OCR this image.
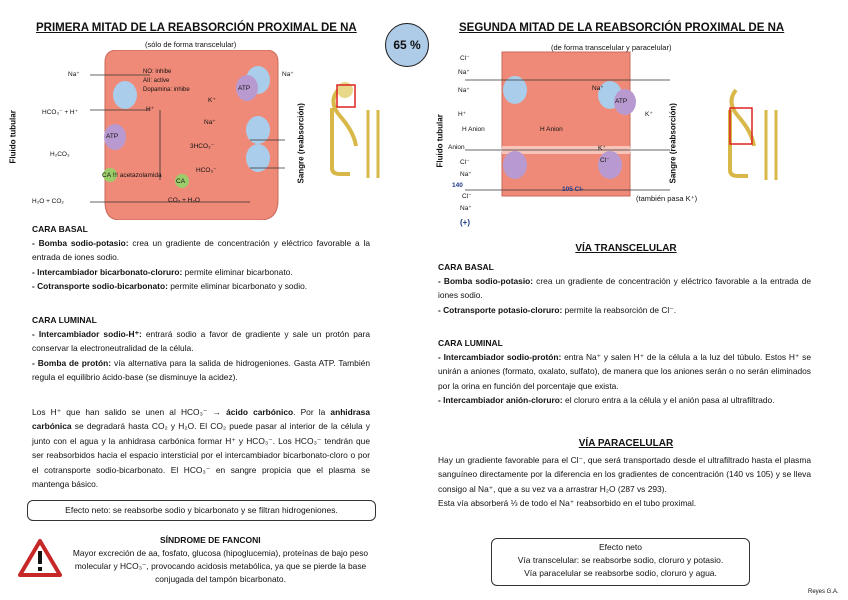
PRIMERA MITAD DE LA REABSORCIÓN PROXIMAL DE NA
(sólo de forma transcelular)	65 %
Na⁺
HCO₃⁻ + H⁺
ATP
H₂CO₃
H₂O + CO₂
CA !!! acetazolamida
CA
H⁺
NO: inhibe
AII: active
Dopamina: inhibe
Na⁺
ATP
K⁺
Na⁺
3HCO₃⁻
HCO₃⁻
CO₂ + H₂O
Fluido tubular	Sangre (reabsorción)
CARA BASAL
- Bomba sodio-potasio: crea un gradiente de concentración y eléctrico favorable a la entrada de iones sodio.
- Intercambiador bicarbonato-cloruro: permite eliminar bicarbonato.
- Cotransporte sodio-bicarbonato: permite eliminar bicarbonato y sodio.
CARA LUMINAL
- Intercambiador sodio-H⁺: entrará sodio a favor de gradiente y sale un protón para conservar la electroneutralidad de la célula.
- Bomba de protón: vía alternativa para la salida de hidrogeniones. Gasta ATP. También regula el equilibrio ácido-base (se disminuye la acidez).
Los H⁺ que han salido se unen al HCO₃⁻ → ácido carbónico. Por la anhidrasa carbónica se degradará hasta CO₂ y H₂O. El CO₂ puede pasar al interior de la célula y junto con el agua y la anhidrasa carbónica formar H⁺ y HCO₃⁻. Los HCO₃⁻ tendrán que ser reabsorbidos hacia el espacio intersticial por el intercambiador bicarbonato-cloro o por el cotransporte sodio-bicarbonato. El HCO₃⁻ en sangre propicia que el plasma se mantenga básico.
Efecto neto: se reabsorbe sodio y bicarbonato y se filtran hidrogeniones.
SÍNDROME DE FANCONI
Mayor excreción de aa, fosfato, glucosa (hipoglucemia), proteínas de bajo peso molecular y HCO₃⁻, provocando acidosis metabólica, ya que se pierde la base conjugada del tampón bicarbonato.
SEGUNDA MITAD DE LA REABSORCIÓN PROXIMAL DE NA
(de forma transcelular y paracelular)
Cl⁻
Na⁺
Na⁺
H⁺
H Anion
Anion
Cl⁻
Na⁺
140
Cl⁻
Na⁺
(+)
Na⁺
ATP
K⁺
H Anion
K⁺
Cl⁻
105 Cl-
(también pasa K⁺)
Fluido tubular	Sangre (reabsorción)
VÍA TRANSCELULAR
CARA BASAL
- Bomba sodio-potasio: crea un gradiente de concentración y eléctrico favorable a la entrada de iones sodio.
- Cotransporte potasio-cloruro: permite la reabsorción de Cl⁻.
CARA LUMINAL
- Intercambiador sodio-protón: entra Na⁺ y salen H⁺ de la célula a la luz del túbulo. Estos H⁺ se unirán a aniones (formato, oxalato, sulfato), de manera que los aniones serán o no serán eliminados por la orina en función del porcentaje que exista.
- Intercambiador anión-cloruro: el cloruro entra a la célula y el anión pasa al ultrafiltrado.
VÍA PARACELULAR
Hay un gradiente favorable para el Cl⁻, que será transportado desde el ultrafiltrado hasta el plasma sanguíneo directamente por la diferencia en los gradientes de concentración (140 vs 105) y se lleva consigo al Na⁺, que a su vez va a arrastrar H₂O (287 vs 293).
Esta vía absorberá ⅓ de todo el Na⁺ reabsorbido en el tubo proximal.
Efecto neto
Vía transcelular: se reabsorbe sodio, cloruro y potasio.
Vía paracelular se reabsorbe sodio, cloruro y agua.
Reyes G.A.
